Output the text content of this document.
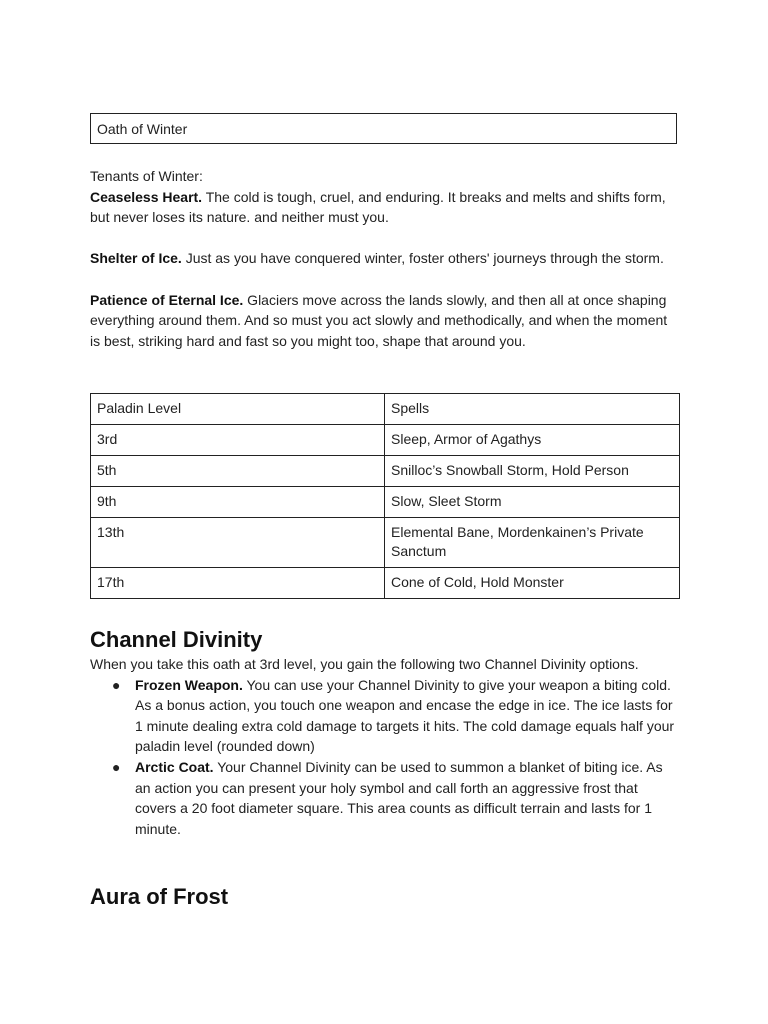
Oath of Winter

Tenants of Winter:

Ceaseless Heart. The cold is tough, cruel, and enduring. It breaks and melts and shifts form, but never loses its nature. and neither must you.

Shelter of Ice. Just as you have conquered winter, foster others' journeys through the storm.

Patience of Eternal Ice. Glaciers move across the lands slowly, and then all at once shaping everything around them. And so must you act slowly and methodically, and when the moment is best, striking hard and fast so you might too, shape that around you.

Paladin Level	Spells
3rd	Sleep, Armor of Agathys
5th	Snilloc’s Snowball Storm, Hold Person
9th	Slow, Sleet Storm
13th	Elemental Bane, Mordenkainen’s Private Sanctum
17th	Cone of Cold, Hold Monster
Channel Divinity

When you take this oath at 3rd level, you gain the following two Channel Divinity options.

● Frozen Weapon. You can use your Channel Divinity to give your weapon a biting cold. As a bonus action, you touch one weapon and encase the edge in ice. The ice lasts for 1 minute dealing extra cold damage to targets it hits. The cold damage equals half your paladin level (rounded down)
● Arctic Coat. Your Channel Divinity can be used to summon a blanket of biting ice. As an action you can present your holy symbol and call forth an aggressive frost that covers a 20 foot diameter square. This area counts as difficult terrain and lasts for 1 minute.
Aura of Frost
